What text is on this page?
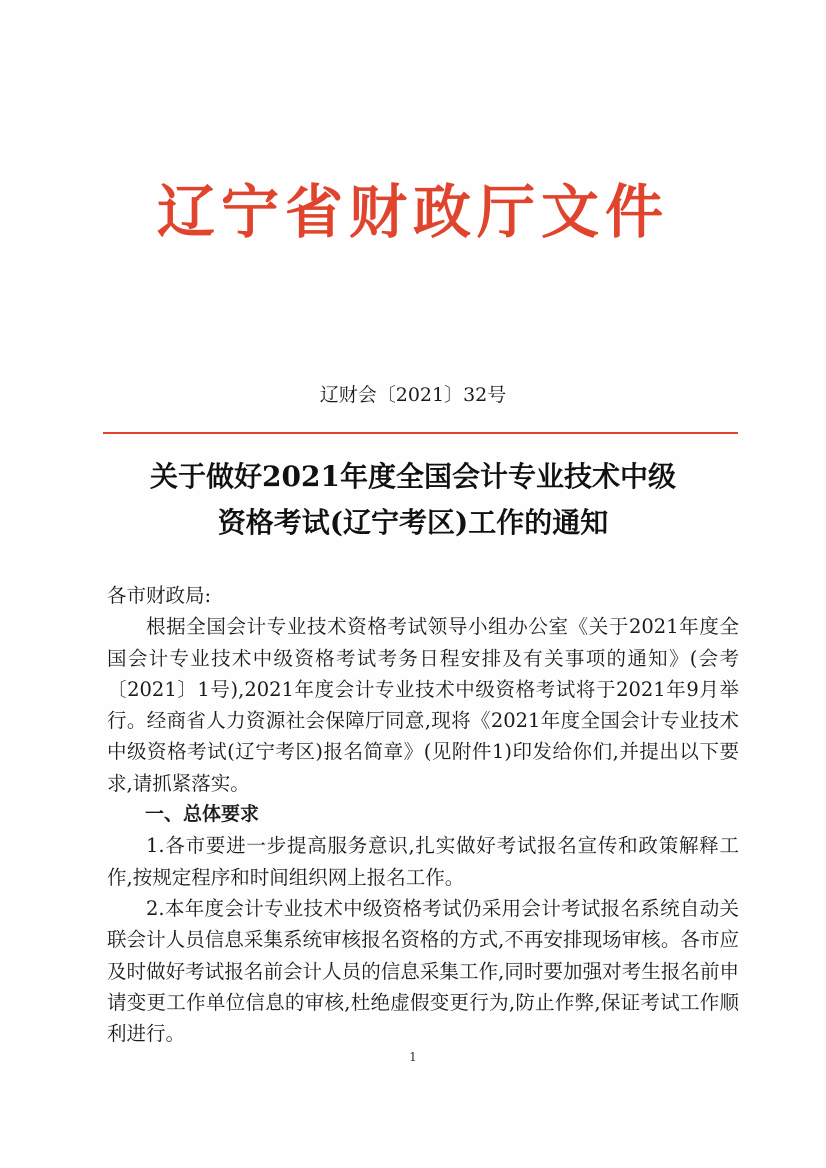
辽宁省财政厅文件
辽财会〔2021〕32号
关于做好2021年度全国会计专业技术中级
资格考试(辽宁考区)工作的通知

各市财政局:

根据全国会计专业技术资格考试领导小组办公室《关于2021年度全国会计专业技术中级资格考试考务日程安排及有关事项的通知》(会考〔2021〕1号),2021年度会计专业技术中级资格考试将于2021年9月举行。经商省人力资源社会保障厅同意,现将《2021年度全国会计专业技术中级资格考试(辽宁考区)报名简章》(见附件1)印发给你们,并提出以下要求,请抓紧落实。

一、总体要求

1.各市要进一步提高服务意识,扎实做好考试报名宣传和政策解释工作,按规定程序和时间组织网上报名工作。

2.本年度会计专业技术中级资格考试仍采用会计考试报名系统自动关联会计人员信息采集系统审核报名资格的方式,不再安排现场审核。各市应及时做好考试报名前会计人员的信息采集工作,同时要加强对考生报名前申请变更工作单位信息的审核,杜绝虚假变更行为,防止作弊,保证考试工作顺利进行。

1
